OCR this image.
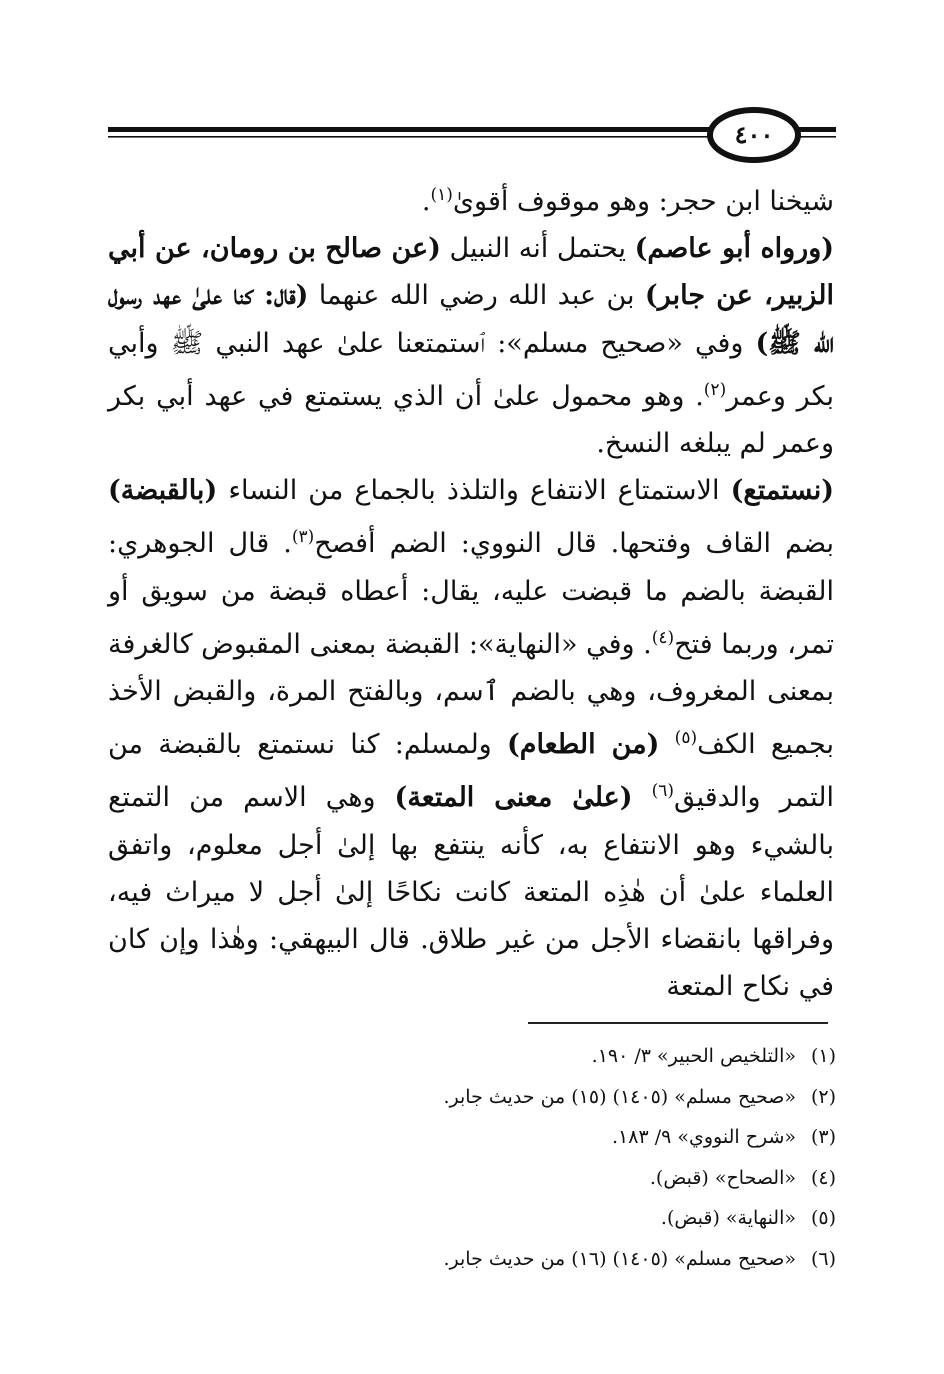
٤٠٠

شيخنا ابن حجر: وهو موقوف أقوىٰ$^{(١)}$.

(ورواه أبو عاصم) يحتمل أنه النبيل (عن صالح بن رومان، عن أبي الزبير، عن جابر) بن عبد الله رضي الله عنهما (قال: كنا علىٰ عهد رسول الله ﷺ) وفي «صحيح مسلم»: ٱستمتعنا علىٰ عهد النبي ﷺ وأبي بكر وعمر$^{(٢)}$. وهو محمول علىٰ أن الذي يستمتع في عهد أبي بكر وعمر لم يبلغه النسخ.

(نستمتع) الاستمتاع الانتفاع والتلذذ بالجماع من النساء (بالقبضة) بضم القاف وفتحها. قال النووي: الضم أفصح$^{(٣)}$. قال الجوهري: القبضة بالضم ما قبضت عليه، يقال: أعطاه قبضة من سويق أو تمر، وربما فتح$^{(٤)}$. وفي «النهاية»: القبضة بمعنى المقبوض كالغرفة بمعنى المغروف، وهي بالضم ٱسم، وبالفتح المرة، والقبض الأخذ بجميع الكف$^{(٥)}$ (من الطعام) ولمسلم: كنا نستمتع بالقبضة من التمر والدقيق$^{(٦)}$ (علىٰ معنى المتعة) وهي الاسم من التمتع بالشيء وهو الانتفاع به، كأنه ينتفع بها إلىٰ أجل معلوم، واتفق العلماء علىٰ أن هٰذِه المتعة كانت نكاحًا إلىٰ أجل لا ميراث فيه، وفراقها بانقضاء الأجل من غير طلاق. قال البيهقي: وهٰذا وإن كان في نكاح المتعة

(١)«التلخيص الحبير» ٣/ ١٩٠.
(٢)«صحيح مسلم» (١٤٠٥) (١٥) من حديث جابر.
(٣)«شرح النووي» ٩/ ١٨٣.
(٤)«الصحاح» (قبض).
(٥)«النهاية» (قبض).
(٦)«صحيح مسلم» (١٤٠٥) (١٦) من حديث جابر.
